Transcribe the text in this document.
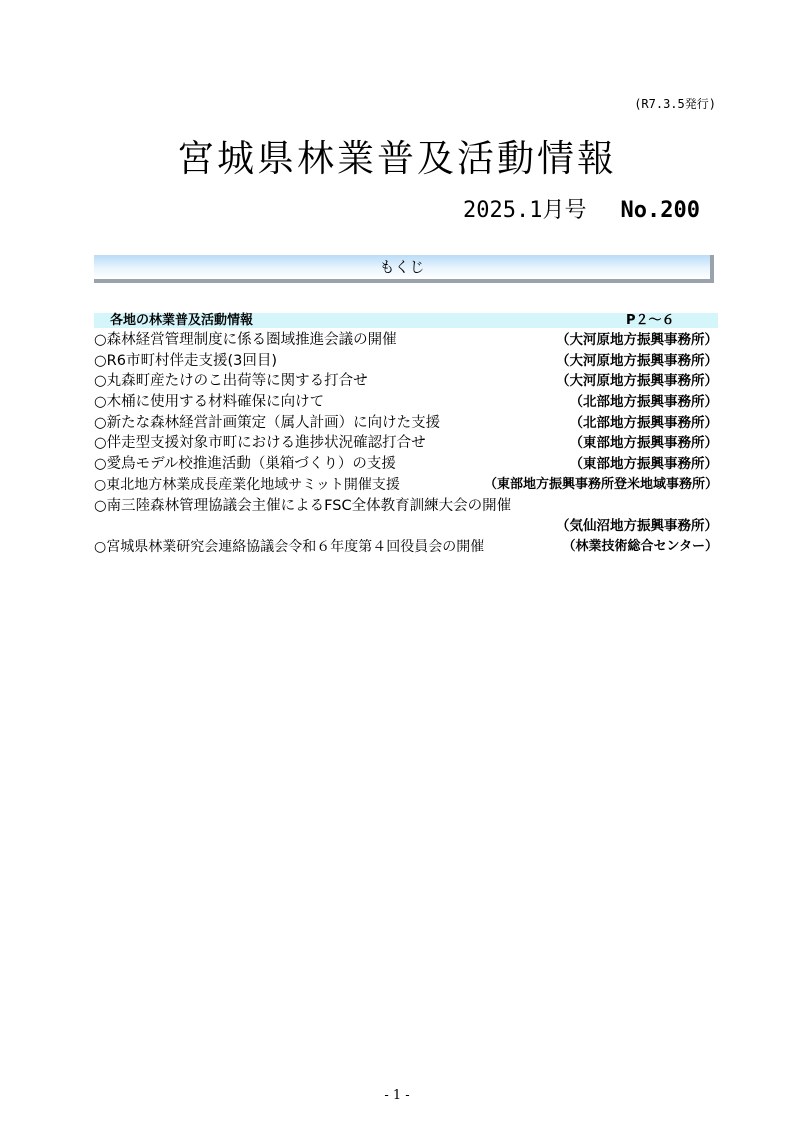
(R7.3.5発行)
宮城県林業普及活動情報
2025.1月号 No.200
もくじ
各地の林業普及活動情報	P２～６
○森林経営管理制度に係る圏域推進会議の開催	（大河原地方振興事務所）
○R6市町村伴走支援(3回目)	（大河原地方振興事務所）
○丸森町産たけのこ出荷等に関する打合せ	（大河原地方振興事務所）
○木桶に使用する材料確保に向けて	（北部地方振興事務所）
○新たな森林経営計画策定（属人計画）に向けた支援	（北部地方振興事務所）
○伴走型支援対象市町における進捗状況確認打合せ	（東部地方振興事務所）
○愛鳥モデル校推進活動（巣箱づくり）の支援	（東部地方振興事務所）
○東北地方林業成長産業化地域サミット開催支援	（東部地方振興事務所登米地域事務所）
○南三陸森林管理協議会主催によるFSC全体教育訓練大会の開催
（気仙沼地方振興事務所）
○宮城県林業研究会連絡協議会令和６年度第４回役員会の開催	（林業技術総合センター）
- 1 -
